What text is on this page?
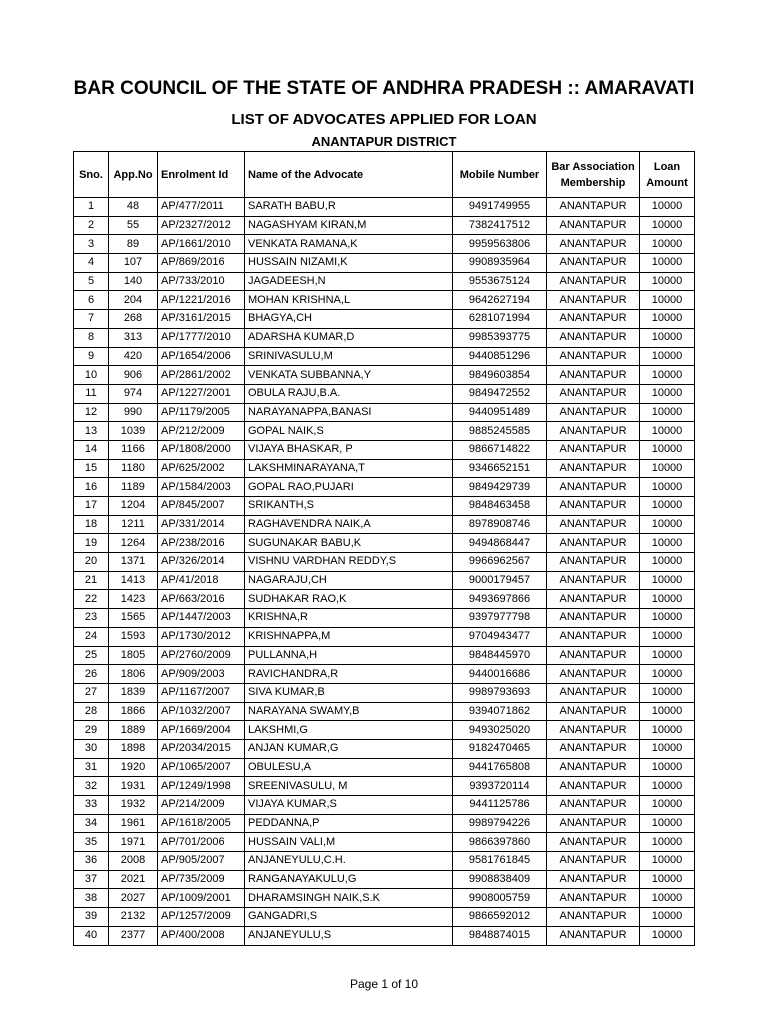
BAR COUNCIL OF THE STATE OF ANDHRA PRADESH :: AMARAVATI
LIST OF ADVOCATES APPLIED FOR LOAN
ANANTAPUR DISTRICT
Sno.	App.No	Enrolment Id	Name of the Advocate	Mobile Number	Bar Association Membership	Loan Amount
1	48	AP/477/2011	SARATH BABU,R	9491749955	ANANTAPUR	10000
2	55	AP/2327/2012	NAGASHYAM KIRAN,M	7382417512	ANANTAPUR	10000
3	89	AP/1661/2010	VENKATA RAMANA,K	9959563806	ANANTAPUR	10000
4	107	AP/869/2016	HUSSAIN NIZAMI,K	9908935964	ANANTAPUR	10000
5	140	AP/733/2010	JAGADEESH,N	9553675124	ANANTAPUR	10000
6	204	AP/1221/2016	MOHAN KRISHNA,L	9642627194	ANANTAPUR	10000
7	268	AP/3161/2015	BHAGYA,CH	6281071994	ANANTAPUR	10000
8	313	AP/1777/2010	ADARSHA KUMAR,D	9985393775	ANANTAPUR	10000
9	420	AP/1654/2006	SRINIVASULU,M	9440851296	ANANTAPUR	10000
10	906	AP/2861/2002	VENKATA SUBBANNA,Y	9849603854	ANANTAPUR	10000
11	974	AP/1227/2001	OBULA RAJU,B.A.	9849472552	ANANTAPUR	10000
12	990	AP/1179/2005	NARAYANAPPA,BANASI	9440951489	ANANTAPUR	10000
13	1039	AP/212/2009	GOPAL NAIK,S	9885245585	ANANTAPUR	10000
14	1166	AP/1808/2000	VIJAYA BHASKAR, P	9866714822	ANANTAPUR	10000
15	1180	AP/625/2002	LAKSHMINARAYANA,T	9346652151	ANANTAPUR	10000
16	1189	AP/1584/2003	GOPAL RAO,PUJARI	9849429739	ANANTAPUR	10000
17	1204	AP/845/2007	SRIKANTH,S	9848463458	ANANTAPUR	10000
18	1211	AP/331/2014	RAGHAVENDRA NAIK,A	8978908746	ANANTAPUR	10000
19	1264	AP/238/2016	SUGUNAKAR BABU,K	9494868447	ANANTAPUR	10000
20	1371	AP/326/2014	VISHNU VARDHAN REDDY,S	9966962567	ANANTAPUR	10000
21	1413	AP/41/2018	NAGARAJU,CH	9000179457	ANANTAPUR	10000
22	1423	AP/663/2016	SUDHAKAR RAO,K	9493697866	ANANTAPUR	10000
23	1565	AP/1447/2003	KRISHNA,R	9397977798	ANANTAPUR	10000
24	1593	AP/1730/2012	KRISHNAPPA,M	9704943477	ANANTAPUR	10000
25	1805	AP/2760/2009	PULLANNA,H	9848445970	ANANTAPUR	10000
26	1806	AP/909/2003	RAVICHANDRA,R	9440016686	ANANTAPUR	10000
27	1839	AP/1167/2007	SIVA KUMAR,B	9989793693	ANANTAPUR	10000
28	1866	AP/1032/2007	NARAYANA SWAMY,B	9394071862	ANANTAPUR	10000
29	1889	AP/1669/2004	LAKSHMI,G	9493025020	ANANTAPUR	10000
30	1898	AP/2034/2015	ANJAN KUMAR,G	9182470465	ANANTAPUR	10000
31	1920	AP/1065/2007	OBULESU,A	9441765808	ANANTAPUR	10000
32	1931	AP/1249/1998	SREENIVASULU, M	9393720114	ANANTAPUR	10000
33	1932	AP/214/2009	VIJAYA KUMAR,S	9441125786	ANANTAPUR	10000
34	1961	AP/1618/2005	PEDDANNA,P	9989794226	ANANTAPUR	10000
35	1971	AP/701/2006	HUSSAIN VALI,M	9866397860	ANANTAPUR	10000
36	2008	AP/905/2007	ANJANEYULU,C.H.	9581761845	ANANTAPUR	10000
37	2021	AP/735/2009	RANGANAYAKULU,G	9908838409	ANANTAPUR	10000
38	2027	AP/1009/2001	DHARAMSINGH NAIK,S.K	9908005759	ANANTAPUR	10000
39	2132	AP/1257/2009	GANGADRI,S	9866592012	ANANTAPUR	10000
40	2377	AP/400/2008	ANJANEYULU,S	9848874015	ANANTAPUR	10000
Page 1 of 10
